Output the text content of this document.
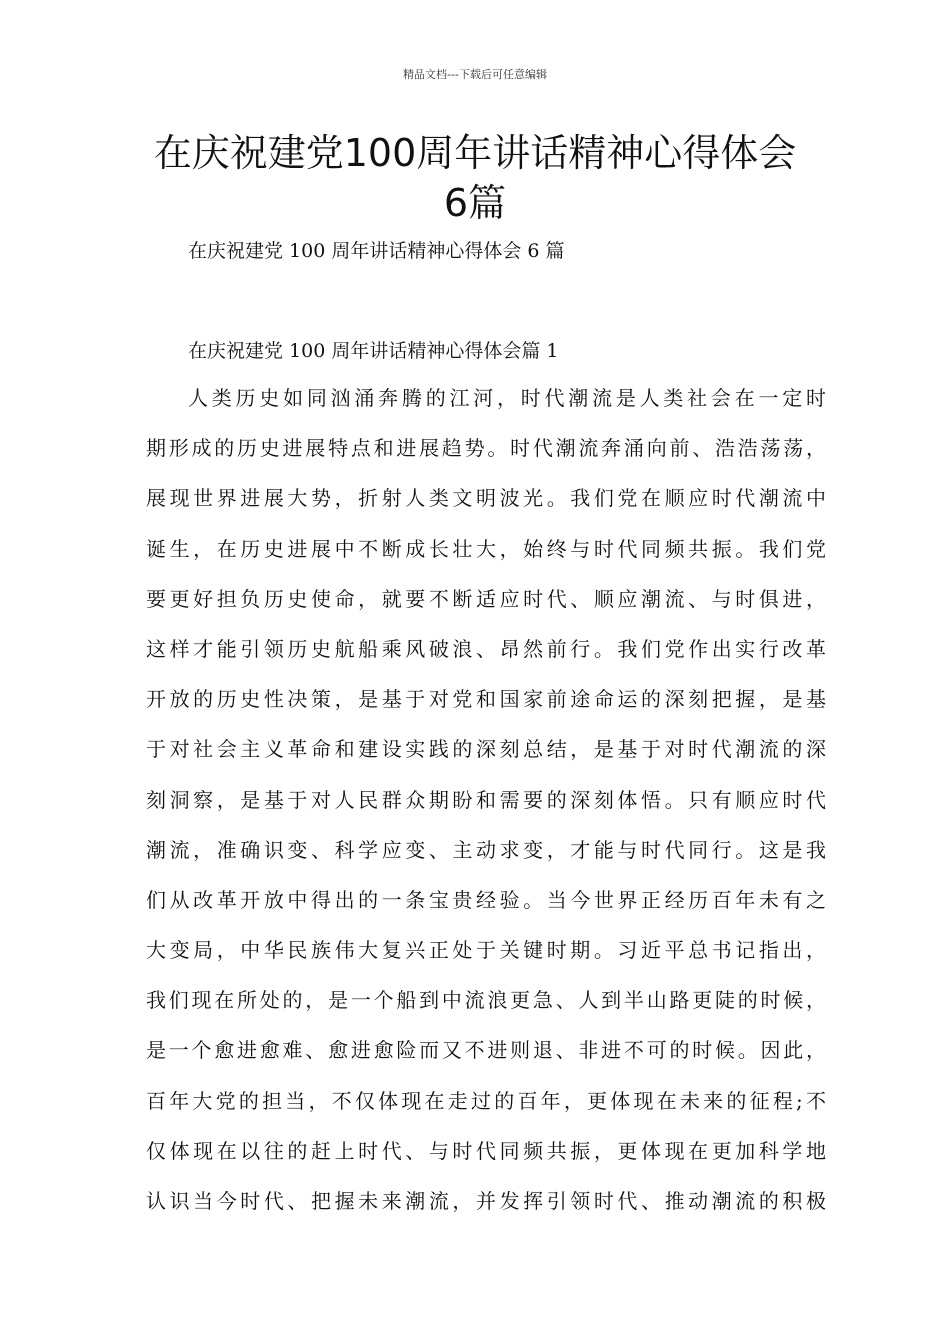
精品文档---下载后可任意编辑
在庆祝建党100周年讲话精神心得体会
6篇
在庆祝建党 100 周年讲话精神心得体会 6 篇
在庆祝建党 100 周年讲话精神心得体会篇 1
人类历史如同汹涌奔腾的江河，时代潮流是人类社会在一定时
期形成的历史进展特点和进展趋势。时代潮流奔涌向前、浩浩荡荡，
展现世界进展大势，折射人类文明波光。我们党在顺应时代潮流中
诞生，在历史进展中不断成长壮大，始终与时代同频共振。我们党
要更好担负历史使命，就要不断适应时代、顺应潮流、与时俱进，
这样才能引领历史航船乘风破浪、昂然前行。我们党作出实行改革
开放的历史性决策，是基于对党和国家前途命运的深刻把握，是基
于对社会主义革命和建设实践的深刻总结，是基于对时代潮流的深
刻洞察，是基于对人民群众期盼和需要的深刻体悟。只有顺应时代
潮流，准确识变、科学应变、主动求变，才能与时代同行。这是我
们从改革开放中得出的一条宝贵经验。当今世界正经历百年未有之
大变局，中华民族伟大复兴正处于关键时期。习近平总书记指出，
我们现在所处的，是一个船到中流浪更急、人到半山路更陡的时候，
是一个愈进愈难、愈进愈险而又不进则退、非进不可的时候。因此，
百年大党的担当，不仅体现在走过的百年，更体现在未来的征程;不
仅体现在以往的赶上时代、与时代同频共振，更体现在更加科学地
认识当今时代、把握未来潮流，并发挥引领时代、推动潮流的积极
